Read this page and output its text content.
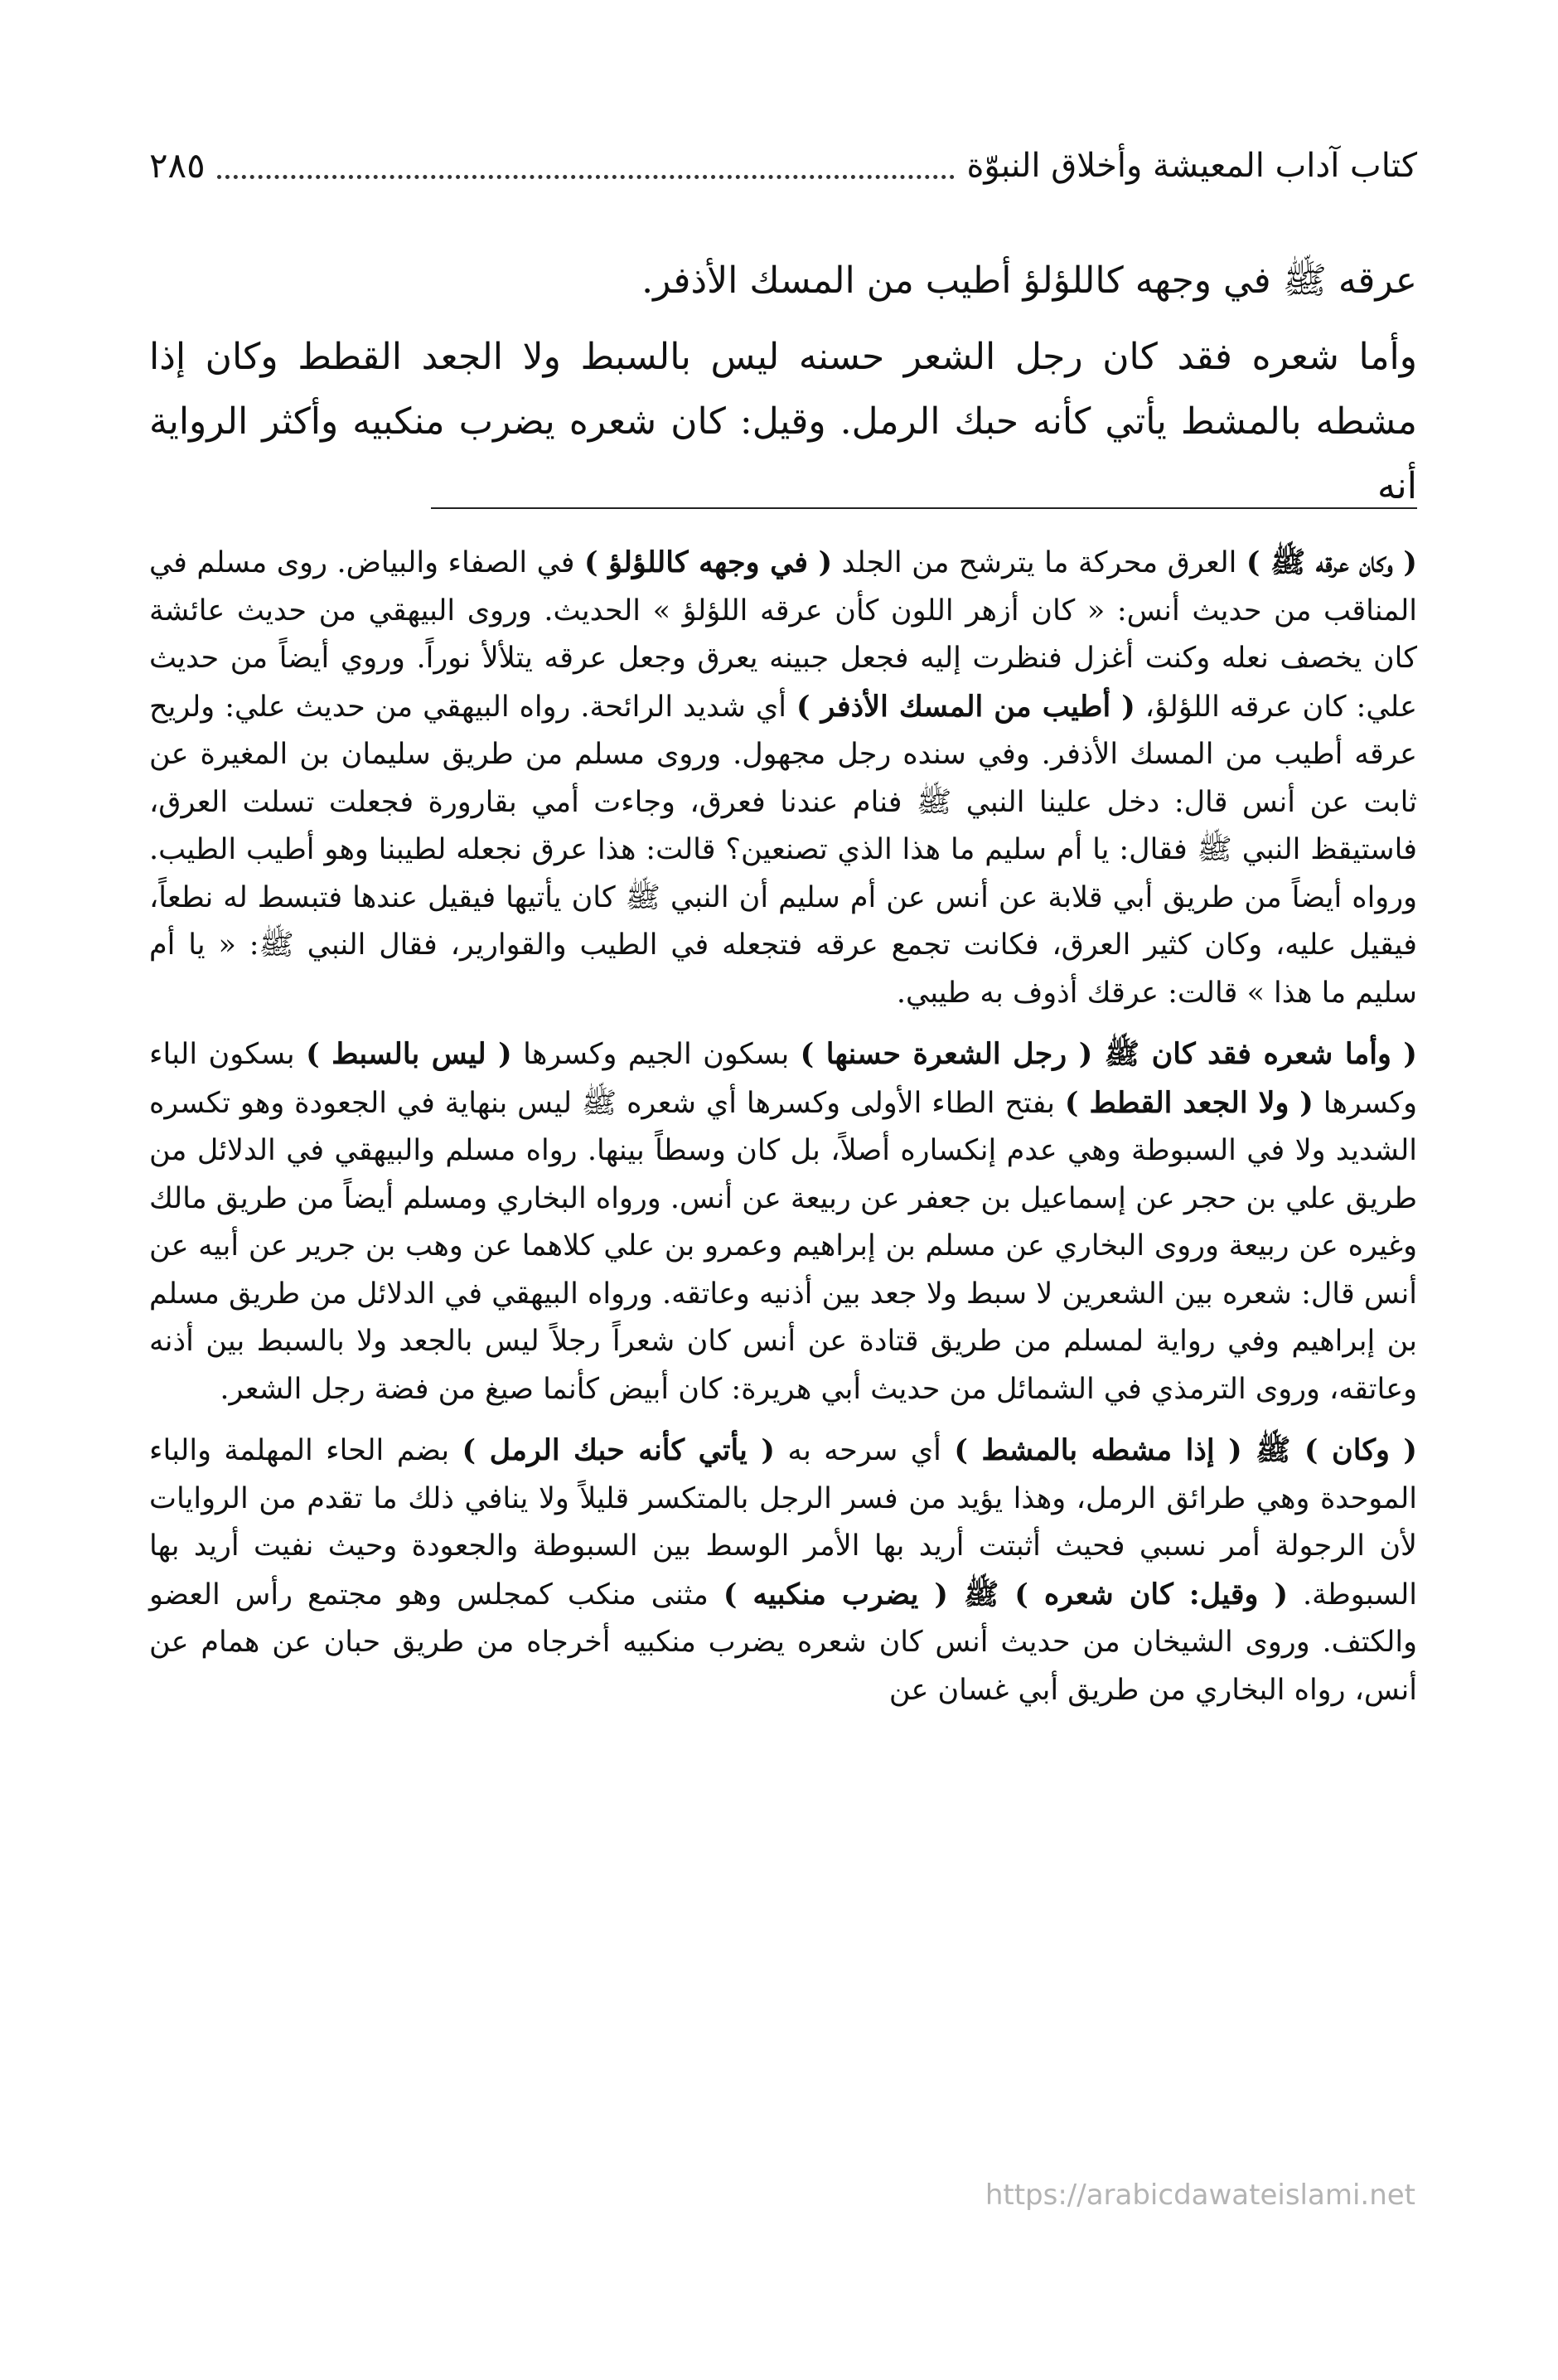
كتاب آداب المعيشة وأخلاق النبوّة
٢٨٥

عرقه ﷺ في وجهه كاللؤلؤ أطيب من المسك الأذفر.

وأما شعره فقد كان رجل الشعر حسنه ليس بالسبط ولا الجعد القطط وكان إذا مشطه بالمشط يأتي كأنه حبك الرمل. وقيل: كان شعره يضرب منكبيه وأكثر الرواية أنه

( وكان عرقه ﷺ ) العرق محركة ما يترشح من الجلد ( في وجهه كاللؤلؤ ) في الصفاء والبياض. روى مسلم في المناقب من حديث أنس: « كان أزهر اللون كأن عرقه اللؤلؤ » الحديث. وروى البيهقي من حديث عائشة كان يخصف نعله وكنت أغزل فنظرت إليه فجعل جبينه يعرق وجعل عرقه يتلألأ نوراً. وروي أيضاً من حديث علي: كان عرقه اللؤلؤ، ( أطيب من المسك الأذفر ) أي شديد الرائحة. رواه البيهقي من حديث علي: ولريح عرقه أطيب من المسك الأذفر. وفي سنده رجل مجهول. وروى مسلم من طريق سليمان بن المغيرة عن ثابت عن أنس قال: دخل علينا النبي ﷺ فنام عندنا فعرق، وجاءت أمي بقارورة فجعلت تسلت العرق، فاستيقظ النبي ﷺ فقال: يا أم سليم ما هذا الذي تصنعين؟ قالت: هذا عرق نجعله لطيبنا وهو أطيب الطيب. ورواه أيضاً من طريق أبي قلابة عن أنس عن أم سليم أن النبي ﷺ كان يأتيها فيقيل عندها فتبسط له نطعاً، فيقيل عليه، وكان كثير العرق، فكانت تجمع عرقه فتجعله في الطيب والقوارير، فقال النبي ﷺ: « يا أم سليم ما هذا » قالت: عرقك أذوف به طيبي.

( وأما شعره فقد كان ﷺ ( رجل الشعرة حسنها ) بسكون الجيم وكسرها ( ليس بالسبط ) بسكون الباء وكسرها ( ولا الجعد القطط ) بفتح الطاء الأولى وكسرها أي شعره ﷺ ليس بنهاية في الجعودة وهو تكسره الشديد ولا في السبوطة وهي عدم إنكساره أصلاً، بل كان وسطاً بينها. رواه مسلم والبيهقي في الدلائل من طريق علي بن حجر عن إسماعيل بن جعفر عن ربيعة عن أنس. ورواه البخاري ومسلم أيضاً من طريق مالك وغيره عن ربيعة وروى البخاري عن مسلم بن إبراهيم وعمرو بن علي كلاهما عن وهب بن جرير عن أبيه عن أنس قال: شعره بين الشعرين لا سبط ولا جعد بين أذنيه وعاتقه. ورواه البيهقي في الدلائل من طريق مسلم بن إبراهيم وفي رواية لمسلم من طريق قتادة عن أنس كان شعراً رجلاً ليس بالجعد ولا بالسبط بين أذنه وعاتقه، وروى الترمذي في الشمائل من حديث أبي هريرة: كان أبيض كأنما صيغ من فضة رجل الشعر.

( وكان ) ﷺ ( إذا مشطه بالمشط ) أي سرحه به ( يأتي كأنه حبك الرمل ) بضم الحاء المهلمة والباء الموحدة وهي طرائق الرمل، وهذا يؤيد من فسر الرجل بالمتكسر قليلاً ولا ينافي ذلك ما تقدم من الروايات لأن الرجولة أمر نسبي فحيث أثبتت أريد بها الأمر الوسط بين السبوطة والجعودة وحيث نفيت أريد بها السبوطة. ( وقيل: كان شعره ) ﷺ ( يضرب منكبيه ) مثنى منكب كمجلس وهو مجتمع رأس العضو والكتف. وروى الشيخان من حديث أنس كان شعره يضرب منكبيه أخرجاه من طريق حبان عن همام عن أنس، رواه البخاري من طريق أبي غسان عن

https://arabicdawateislami.net
